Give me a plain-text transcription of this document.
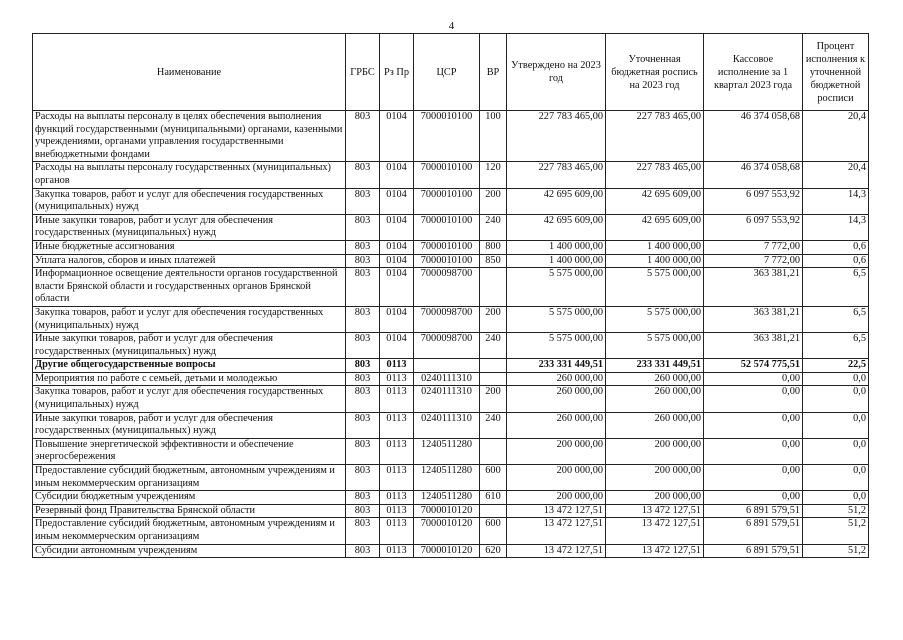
4
Наименование	ГРБС	Рз Пр	ЦСР	ВР	Утверждено на 2023 год	Уточненная бюджетная роспись на 2023 год	Кассовое исполнение за 1 квартал 2023 года	Процент исполнения к уточненной бюджетной росписи
Расходы на выплаты персоналу в целях обеспечения выполнения функций государственными (муниципальными) органами, казенными учреждениями, органами управления государственными внебюджетными фондами	803	0104	7000010100	100	227 783 465,00	227 783 465,00	46 374 058,68	20,4
Расходы на выплаты персоналу государственных (муниципальных) органов	803	0104	7000010100	120	227 783 465,00	227 783 465,00	46 374 058,68	20,4
Закупка товаров, работ и услуг для обеспечения государственных (муниципальных) нужд	803	0104	7000010100	200	42 695 609,00	42 695 609,00	6 097 553,92	14,3
Иные закупки товаров, работ и услуг для обеспечения государственных (муниципальных) нужд	803	0104	7000010100	240	42 695 609,00	42 695 609,00	6 097 553,92	14,3
Иные бюджетные ассигнования	803	0104	7000010100	800	1 400 000,00	1 400 000,00	7 772,00	0,6
Уплата налогов, сборов и иных платежей	803	0104	7000010100	850	1 400 000,00	1 400 000,00	7 772,00	0,6
Информационное освещение деятельности органов государственной власти Брянской области и государственных органов Брянской области	803	0104	7000098700		5 575 000,00	5 575 000,00	363 381,21	6,5
Закупка товаров, работ и услуг для обеспечения государственных (муниципальных) нужд	803	0104	7000098700	200	5 575 000,00	5 575 000,00	363 381,21	6,5
Иные закупки товаров, работ и услуг для обеспечения государственных (муниципальных) нужд	803	0104	7000098700	240	5 575 000,00	5 575 000,00	363 381,21	6,5
Другие общегосударственные вопросы	803	0113			233 331 449,51	233 331 449,51	52 574 775,51	22,5
Мероприятия по работе с семьей, детьми и молодежью	803	0113	0240111310		260 000,00	260 000,00	0,00	0,0
Закупка товаров, работ и услуг для обеспечения государственных (муниципальных) нужд	803	0113	0240111310	200	260 000,00	260 000,00	0,00	0,0
Иные закупки товаров, работ и услуг для обеспечения государственных (муниципальных) нужд	803	0113	0240111310	240	260 000,00	260 000,00	0,00	0,0
Повышение энергетической эффективности и обеспечение энергосбережения	803	0113	1240511280		200 000,00	200 000,00	0,00	0,0
Предоставление субсидий бюджетным, автономным учреждениям и иным некоммерческим организациям	803	0113	1240511280	600	200 000,00	200 000,00	0,00	0,0
Субсидии бюджетным учреждениям	803	0113	1240511280	610	200 000,00	200 000,00	0,00	0,0
Резервный фонд Правительства Брянской области	803	0113	7000010120		13 472 127,51	13 472 127,51	6 891 579,51	51,2
Предоставление субсидий бюджетным, автономным учреждениям и иным некоммерческим организациям	803	0113	7000010120	600	13 472 127,51	13 472 127,51	6 891 579,51	51,2
Субсидии автономным учреждениям	803	0113	7000010120	620	13 472 127,51	13 472 127,51	6 891 579,51	51,2
